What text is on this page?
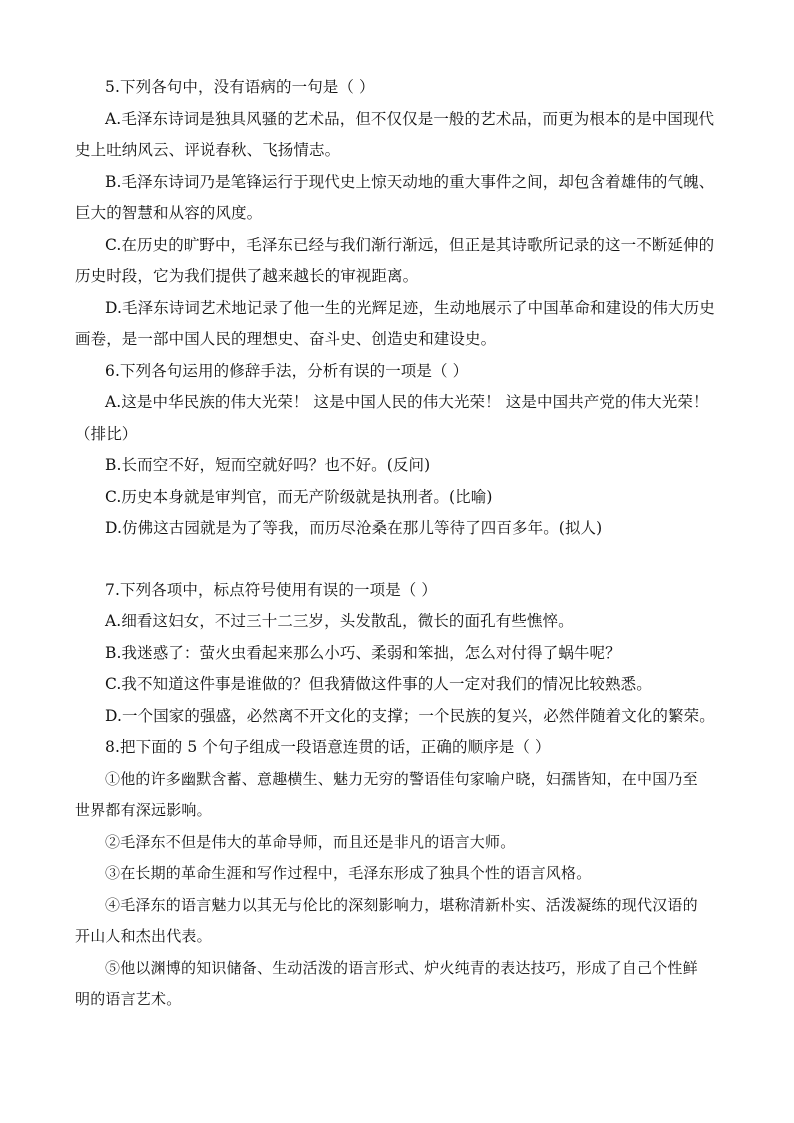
5.下列各句中，没有语病的一句是（ ）
A.毛泽东诗词是独具风骚的艺术品，但不仅仅是一般的艺术品，而更为根本的是中国现代
史上吐纳风云、评说春秋、飞扬情志。
B.毛泽东诗词乃是笔锋运行于现代史上惊天动地的重大事件之间，却包含着雄伟的气魄、
巨大的智慧和从容的风度。
C.在历史的旷野中，毛泽东已经与我们渐行渐远，但正是其诗歌所记录的这一不断延伸的
历史时段，它为我们提供了越来越长的审视距离。
D.毛泽东诗词艺术地记录了他一生的光辉足迹，生动地展示了中国革命和建设的伟大历史
画卷，是一部中国人民的理想史、奋斗史、创造史和建设史。
6.下列各句运用的修辞手法，分析有误的一项是（ ）
A.这是中华民族的伟大光荣！ 这是中国人民的伟大光荣！ 这是中国共产党的伟大光荣！
（排比）
B.长而空不好，短而空就好吗？也不好。(反问)
C.历史本身就是审判官，而无产阶级就是执刑者。(比喻)
D.仿佛这古园就是为了等我，而历尽沧桑在那儿等待了四百多年。(拟人)
7.下列各项中，标点符号使用有误的一项是（ ）
A.细看这妇女，不过三十二三岁，头发散乱，微长的面孔有些憔悴。
B.我迷惑了：萤火虫看起来那么小巧、柔弱和笨拙，怎么对付得了蜗牛呢？
C.我不知道这件事是谁做的？但我猜做这件事的人一定对我们的情况比较熟悉。
D.一个国家的强盛，必然离不开文化的支撑；一个民族的复兴，必然伴随着文化的繁荣。
8.把下面的 5 个句子组成一段语意连贯的话，正确的顺序是（ ）
①他的许多幽默含蓄、意趣横生、魅力无穷的警语佳句家喻户晓，妇孺皆知，在中国乃至
世界都有深远影响。
②毛泽东不但是伟大的革命导师，而且还是非凡的语言大师。
③在长期的革命生涯和写作过程中，毛泽东形成了独具个性的语言风格。
④毛泽东的语言魅力以其无与伦比的深刻影响力，堪称清新朴实、活泼凝练的现代汉语的
开山人和杰出代表。
⑤他以渊博的知识储备、生动活泼的语言形式、炉火纯青的表达技巧，形成了自己个性鲜
明的语言艺术。
